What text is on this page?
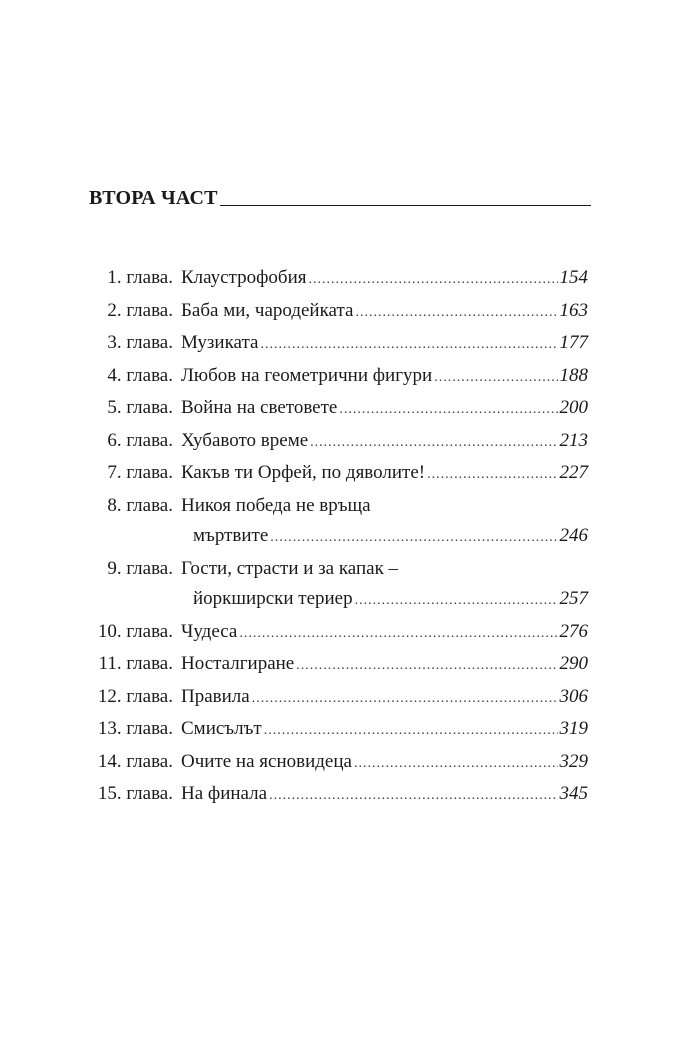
ВТОРА ЧАСТ
1. глава. Клаустрофобия .....	154
2. глава. Баба ми, чародейката .....	163
3. глава. Музиката .....	177
4. глава. Любов на геометрични фигури .....	188
5. глава. Война на световете .....	200
6. глава. Хубавото време .....	213
7. глава. Какъв ти Орфей, по дяволите! .....	227
8. глава. Никоя победа не връща
мъртвите .....	246
9. глава. Гости, страсти и за капак –
йоркширски териер .....	257
10. глава. Чудеса .....	276
11. глава. Носталгиране .....	290
12. глава. Правила .....	306
13. глава. Смисълът .....	319
14. глава. Очите на ясновидеца .....	329
15. глава. На финала .....	345
